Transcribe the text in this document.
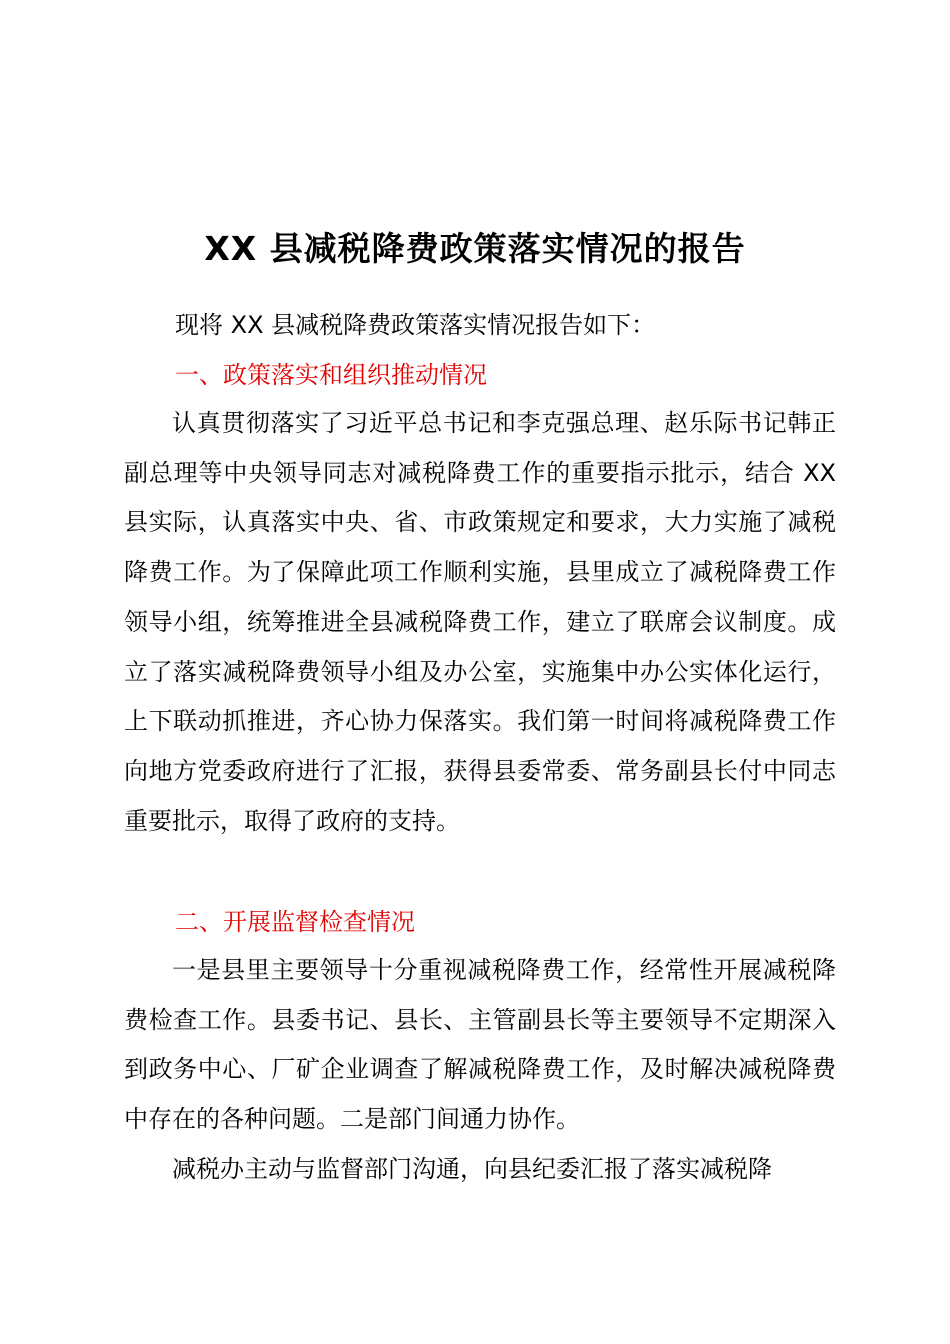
XX 县减税降费政策落实情况的报告
现将 XX 县减税降费政策落实情况报告如下：
一、政策落实和组织推动情况

认真贯彻落实了习近平总书记和李克强总理、赵乐际书记韩正副总理等中央领导同志对减税降费工作的重要指示批示，结合 XX 县实际，认真落实中央、省、市政策规定和要求，大力实施了减税降费工作。为了保障此项工作顺利实施，县里成立了减税降费工作领导小组，统筹推进全县减税降费工作，建立了联席会议制度。成立了落实减税降费领导小组及办公室，实施集中办公实体化运行，上下联动抓推进，齐心协力保落实。我们第一时间将减税降费工作向地方党委政府进行了汇报，获得县委常委、常务副县长付中同志重要批示，取得了政府的支持。

二、开展监督检查情况

一是县里主要领导十分重视减税降费工作，经常性开展减税降费检查工作。县委书记、县长、主管副县长等主要领导不定期深入到政务中心、厂矿企业调查了解减税降费工作，及时解决减税降费中存在的各种问题。二是部门间通力协作。

减税办主动与监督部门沟通，向县纪委汇报了落实减税降
